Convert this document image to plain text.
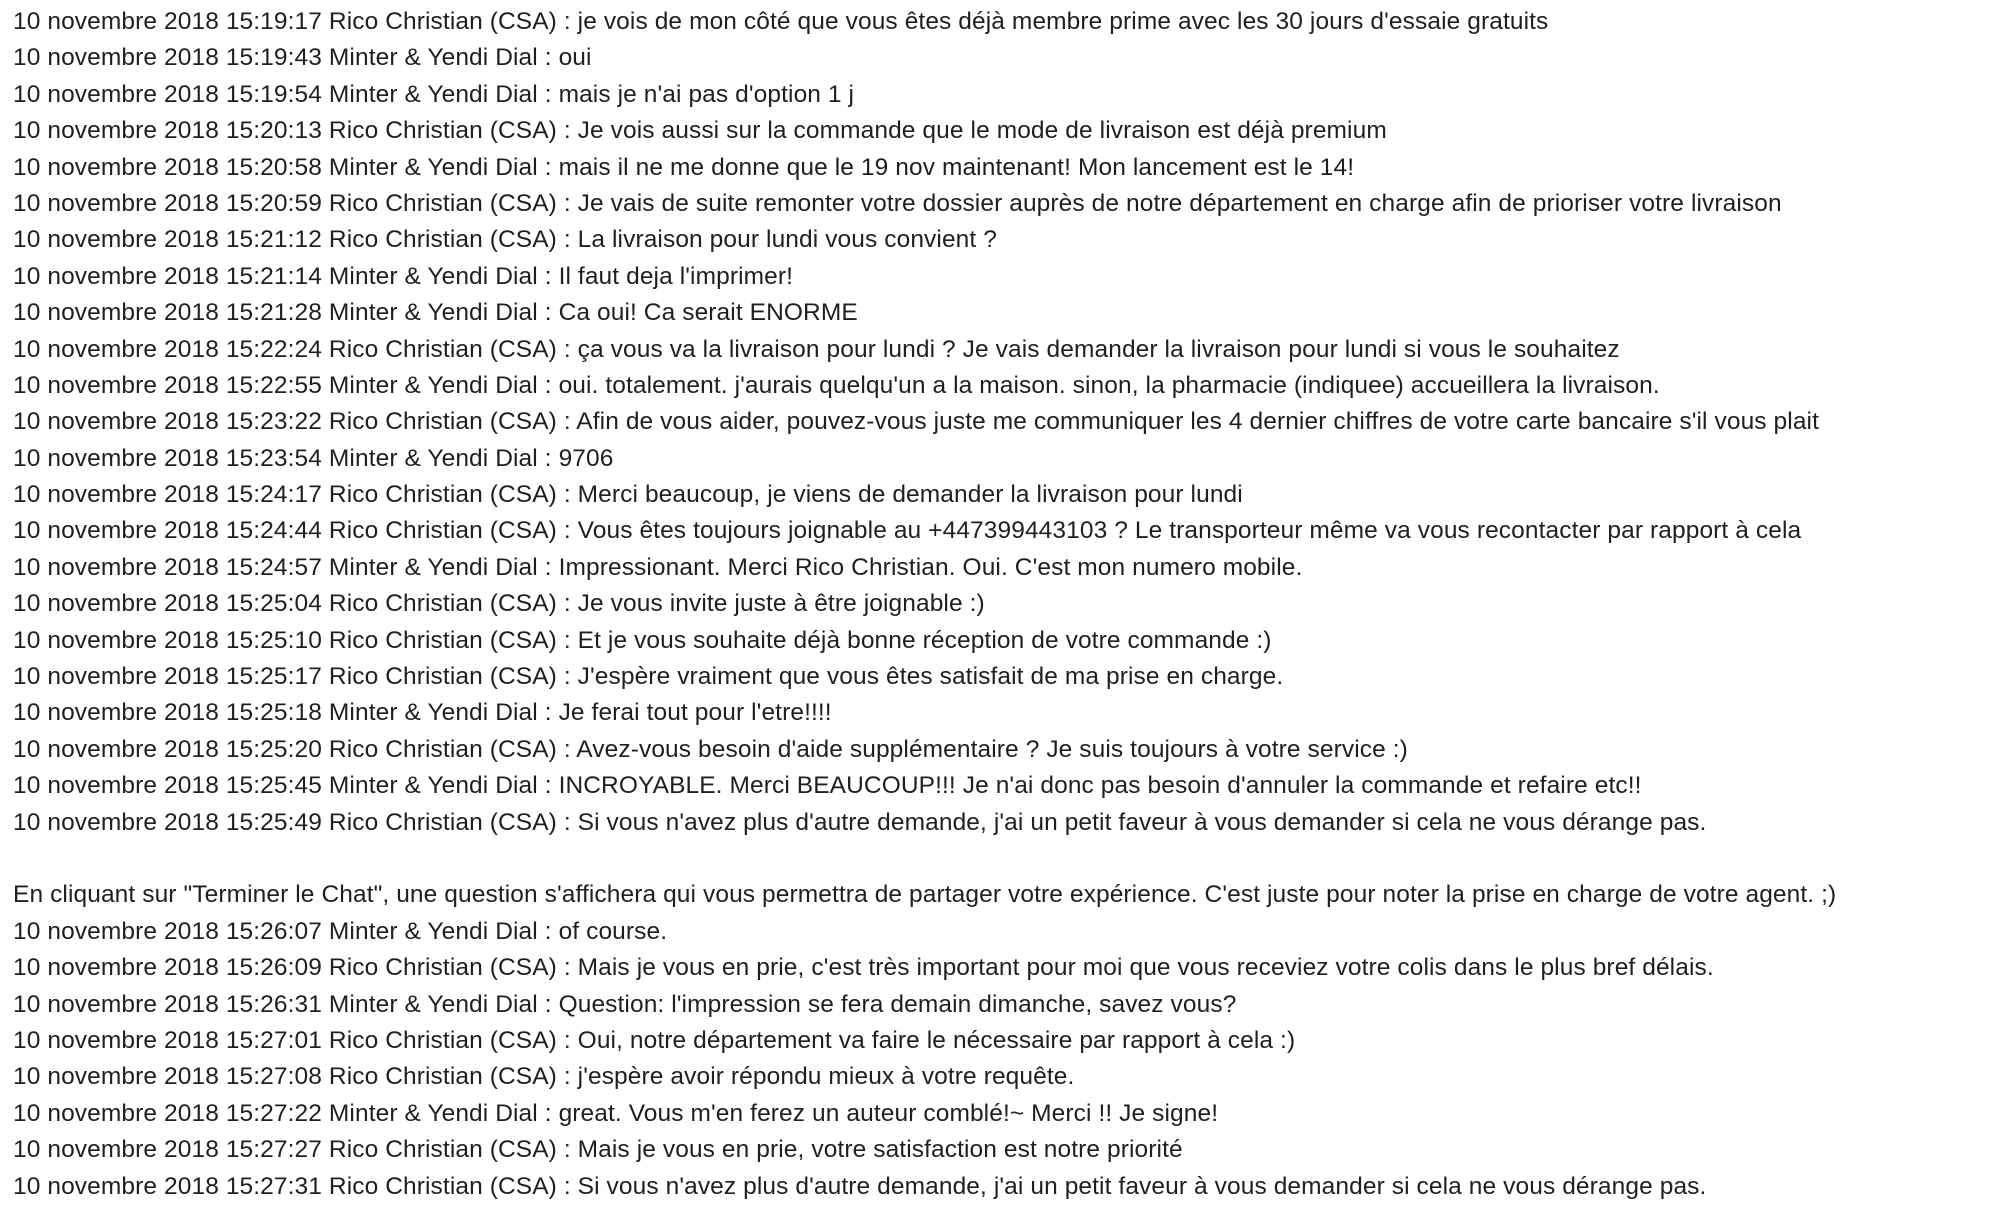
10 novembre 2018 15:19:17 Rico Christian (CSA) : je vois de mon côté que vous êtes déjà membre prime avec les 30 jours d'essaie gratuits
10 novembre 2018 15:19:43 Minter & Yendi Dial : oui
10 novembre 2018 15:19:54 Minter & Yendi Dial : mais je n'ai pas d'option 1 j
10 novembre 2018 15:20:13 Rico Christian (CSA) : Je vois aussi sur la commande que le mode de livraison est déjà premium
10 novembre 2018 15:20:58 Minter & Yendi Dial : mais il ne me donne que le 19 nov maintenant! Mon lancement est le 14!
10 novembre 2018 15:20:59 Rico Christian (CSA) : Je vais de suite remonter votre dossier auprès de notre département en charge afin de prioriser votre livraison
10 novembre 2018 15:21:12 Rico Christian (CSA) : La livraison pour lundi vous convient ?
10 novembre 2018 15:21:14 Minter & Yendi Dial : Il faut deja l'imprimer!
10 novembre 2018 15:21:28 Minter & Yendi Dial : Ca oui! Ca serait ENORME
10 novembre 2018 15:22:24 Rico Christian (CSA) : ça vous va la livraison pour lundi ? Je vais demander la livraison pour lundi si vous le souhaitez
10 novembre 2018 15:22:55 Minter & Yendi Dial : oui. totalement. j'aurais quelqu'un a la maison. sinon, la pharmacie (indiquee) accueillera la livraison.
10 novembre 2018 15:23:22 Rico Christian (CSA) : Afin de vous aider, pouvez-vous juste me communiquer les 4 dernier chiffres de votre carte bancaire s'il vous plait
10 novembre 2018 15:23:54 Minter & Yendi Dial : 9706
10 novembre 2018 15:24:17 Rico Christian (CSA) : Merci beaucoup, je viens de demander la livraison pour lundi
10 novembre 2018 15:24:44 Rico Christian (CSA) : Vous êtes toujours joignable au +447399443103 ? Le transporteur même va vous recontacter par rapport à cela
10 novembre 2018 15:24:57 Minter & Yendi Dial : Impressionant. Merci Rico Christian. Oui. C'est mon numero mobile.
10 novembre 2018 15:25:04 Rico Christian (CSA) : Je vous invite juste à être joignable :)
10 novembre 2018 15:25:10 Rico Christian (CSA) : Et je vous souhaite déjà bonne réception de votre commande :)
10 novembre 2018 15:25:17 Rico Christian (CSA) : J'espère vraiment que vous êtes satisfait de ma prise en charge.
10 novembre 2018 15:25:18 Minter & Yendi Dial : Je ferai tout pour l'etre!!!!
10 novembre 2018 15:25:20 Rico Christian (CSA) : Avez-vous besoin d'aide supplémentaire ? Je suis toujours à votre service :)
10 novembre 2018 15:25:45 Minter & Yendi Dial : INCROYABLE. Merci BEAUCOUP!!! Je n'ai donc pas besoin d'annuler la commande et refaire etc!!
10 novembre 2018 15:25:49 Rico Christian (CSA) : Si vous n'avez plus d'autre demande, j'ai un petit faveur à vous demander si cela ne vous dérange pas.
En cliquant sur "Terminer le Chat", une question s'affichera qui vous permettra de partager votre expérience. C'est juste pour noter la prise en charge de votre agent. ;)
10 novembre 2018 15:26:07 Minter & Yendi Dial : of course.
10 novembre 2018 15:26:09 Rico Christian (CSA) : Mais je vous en prie, c'est très important pour moi que vous receviez votre colis dans le plus bref délais.
10 novembre 2018 15:26:31 Minter & Yendi Dial : Question: l'impression se fera demain dimanche, savez vous?
10 novembre 2018 15:27:01 Rico Christian (CSA) : Oui, notre département va faire le nécessaire par rapport à cela :)
10 novembre 2018 15:27:08 Rico Christian (CSA) : j'espère avoir répondu mieux à votre requête.
10 novembre 2018 15:27:22 Minter & Yendi Dial : great. Vous m'en ferez un auteur comblé!~ Merci !! Je signe!
10 novembre 2018 15:27:27 Rico Christian (CSA) : Mais je vous en prie, votre satisfaction est notre priorité
10 novembre 2018 15:27:31 Rico Christian (CSA) : Si vous n'avez plus d'autre demande, j'ai un petit faveur à vous demander si cela ne vous dérange pas.
